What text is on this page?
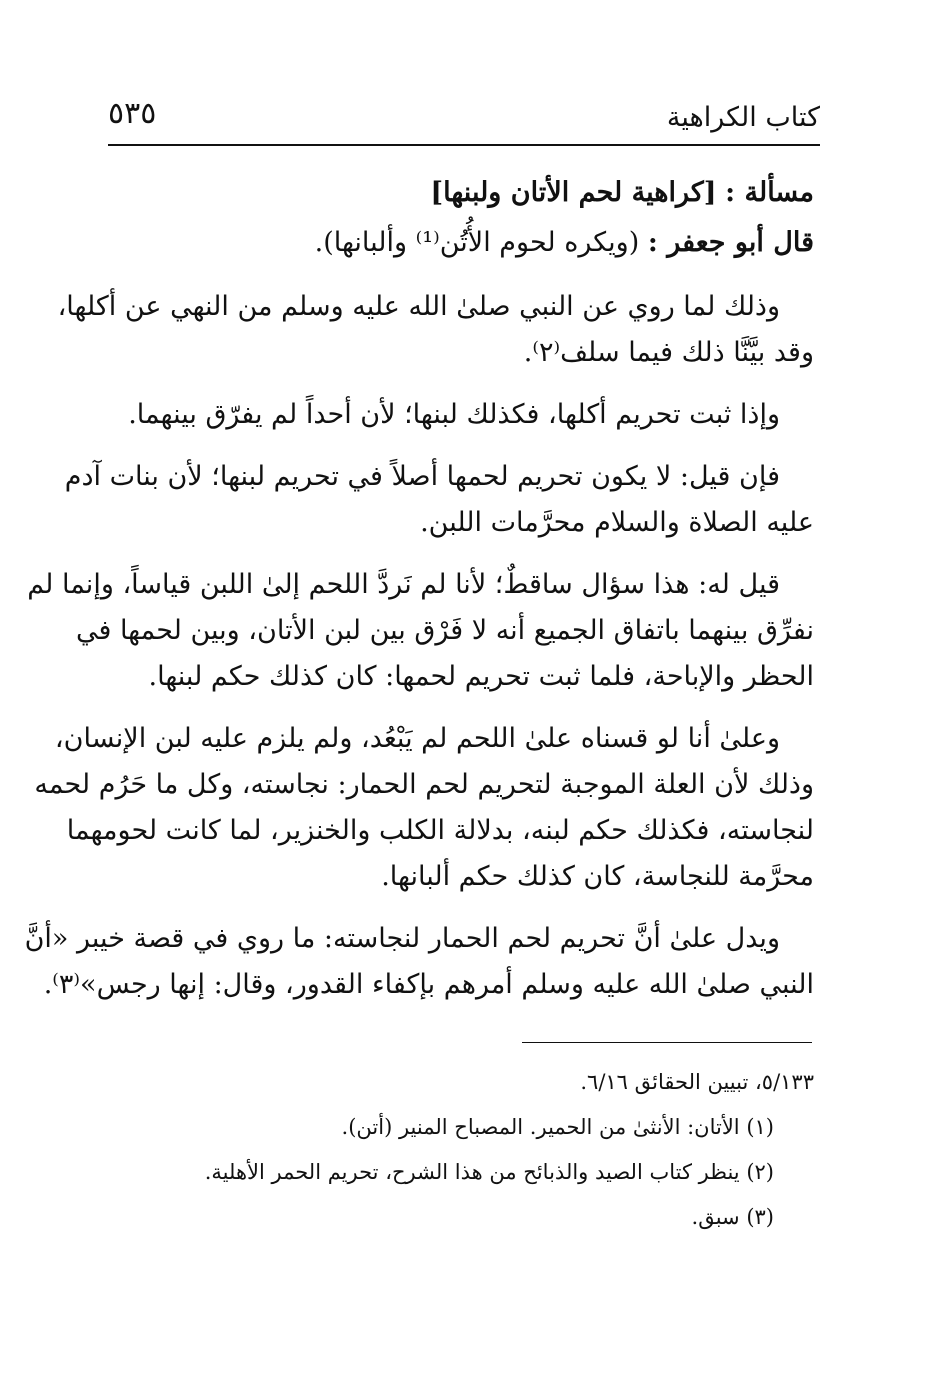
كتاب الكراهية
٥٣٥
مسألة : [كراهية لحم الأتان ولبنها]
قال أبو جعفر : (ويكره لحوم الأُتُن⁽¹⁾ وألبانها).
وذلك لما روي عن النبي صلىٰ الله عليه وسلم من النهي عن أكلها،
وقد بيَّنَّا ذلك فيما سلف⁽٢⁾.
وإذا ثبت تحريم أكلها، فكذلك لبنها؛ لأن أحداً لم يفرّق بينهما.
فإن قيل: لا يكون تحريم لحمها أصلاً في تحريم لبنها؛ لأن بنات آدم
عليه الصلاة والسلام محرَّمات اللبن.
قيل له: هذا سؤال ساقطٌ؛ لأنا لم نَردَّ اللحم إلىٰ اللبن قياساً، وإنما لم
نفرِّق بينهما باتفاق الجميع أنه لا فَرْق بين لبن الأتان، وبين لحمها في
الحظر والإباحة، فلما ثبت تحريم لحمها: كان كذلك حكم لبنها.
وعلىٰ أنا لو قسناه علىٰ اللحم لم يَبْعُد، ولم يلزم عليه لبن الإنسان،
وذلك لأن العلة الموجبة لتحريم لحم الحمار: نجاسته، وكل ما حَرُم لحمه
لنجاسته، فكذلك حكم لبنه، بدلالة الكلب والخنزير، لما كانت لحومهما
محرَّمة للنجاسة، كان كذلك حكم ألبانها.
ويدل علىٰ أنَّ تحريم لحم الحمار لنجاسته: ما روي في قصة خيبر «أنَّ
النبي صلىٰ الله عليه وسلم أمرهم بإكفاء القدور، وقال: إنها رجس»⁽٣⁾.
٥/١٣٣، تبيين الحقائق ٦/١٦.
(١) الأتان: الأنثىٰ من الحمير. المصباح المنير (أتن).
(٢) ينظر كتاب الصيد والذبائح من هذا الشرح، تحريم الحمر الأهلية.
(٣) سبق.
